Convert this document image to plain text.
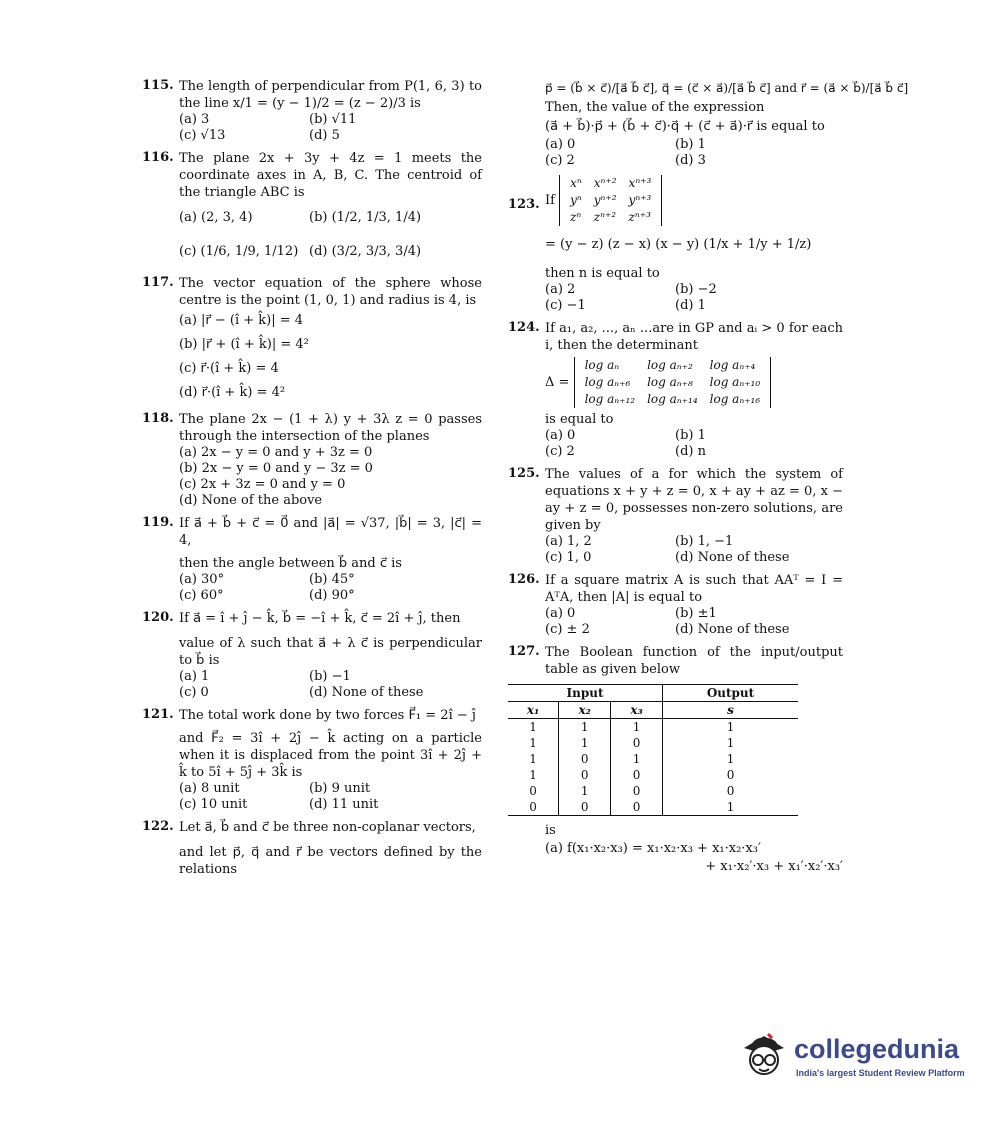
115. The length of perpendicular from P(1, 6, 3) to the line x/1 = (y − 1)/2 = (z − 2)/3 is
(a) 3	(b) √11
(c) √13	(d) 5
116. The plane 2x + 3y + 4z = 1 meets the coordinate axes in A, B, C. The centroid of the triangle ABC is
(a) (2, 3, 4)	(b) (1/2, 1/3, 1/4)
(c) (1/6, 1/9, 1/12) (d) (3/2, 3/3, 3/4)
117. The vector equation of the sphere whose centre is the point (1, 0, 1) and radius is 4, is
(a) |r⃗ − (î + k̂)| = 4
(b) |r⃗ + (î + k̂)| = 4²
(c) r⃗·(î + k̂) = 4
(d) r⃗·(î + k̂) = 4²
118. The plane 2x − (1 + λ) y + 3λ z = 0 passes through the intersection of the planes
(a) 2x − y = 0 and y + 3z = 0
(b) 2x − y = 0 and y − 3z = 0
(c) 2x + 3z = 0 and y = 0
(d) None of the above
119. If a⃗ + b⃗ + c⃗ = 0⃗ and |a⃗| = √37, |b⃗| = 3, |c⃗| = 4,
then the angle between b⃗ and c⃗ is
(a) 30°	(b) 45°
(c) 60°	(d) 90°
120. If a⃗ = î + ĵ − k̂, b⃗ = −î + k̂, c⃗ = 2î + ĵ, then
value of λ such that a⃗ + λ c⃗ is perpendicular to b⃗ is
(a) 1	(b) −1
(c) 0	(d) None of these
121. The total work done by two forces F⃗₁ = 2î − ĵ
and F⃗₂ = 3î + 2ĵ − k̂ acting on a particle when it is displaced from the point 3î + 2ĵ + k̂ to 5î + 5ĵ + 3k̂ is
(a) 8 unit	(b) 9 unit
(c) 10 unit	(d) 11 unit
122. Let a⃗, b⃗ and c⃗ be three non-coplanar vectors,
and let p⃗, q⃗ and r⃗ be vectors defined by the relations
p⃗ = (b⃗ × c⃗)/[a⃗ b⃗ c⃗], q⃗ = (c⃗ × a⃗)/[a⃗ b⃗ c⃗] and r⃗ = (a⃗ × b⃗)/[a⃗ b⃗ c⃗]
Then, the value of the expression
(a⃗ + b⃗)·p⃗ + (b⃗ + c⃗)·q⃗ + (c⃗ + a⃗)·r⃗ is equal to
(a) 0	(b) 1
(c) 2	(d) 3
123. If
xⁿ	xⁿ⁺²	xⁿ⁺³
yⁿ	yⁿ⁺²	yⁿ⁺³
zⁿ	zⁿ⁺²	zⁿ⁺³
= (y − z) (z − x) (x − y) (1/x + 1/y + 1/z)
then n is equal to
(a) 2	(b) −2
(c) −1	(d) 1
124. If a₁, a₂, ..., aₙ ...are in GP and aᵢ > 0 for each i, then the determinant
Δ =
log aₙ	log aₙ₊₂	log aₙ₊₄
log aₙ₊₆	log aₙ₊₈	log aₙ₊₁₀
log aₙ₊₁₂	log aₙ₊₁₄	log aₙ₊₁₆
is equal to
(a) 0	(b) 1
(c) 2	(d) n
125. The values of a for which the system of equations x + y + z = 0, x + ay + az = 0, x − ay + z = 0, possesses non-zero solutions, are given by
(a) 1, 2	(b) 1, −1
(c) 1, 0	(d) None of these
126. If a square matrix A is such that AAᵀ = I = AᵀA, then |A| is equal to
(a) 0	(b) ±1
(c) ± 2	(d) None of these
127. The Boolean function of the input/output table as given below
Input			Output
x₁	x₂	x₃	s
1	1	1	1
1	1	0	1
1	0	1	1
1	0	0	0
0	1	0	0
0	0	0	1
is
(a) f(x₁·x₂·x₃) = x₁·x₂·x₃ + x₁·x₂·x₃′
+ x₁·x₂′·x₃ + x₁′·x₂′·x₃′
collegedunia
India's largest Student Review Platform
